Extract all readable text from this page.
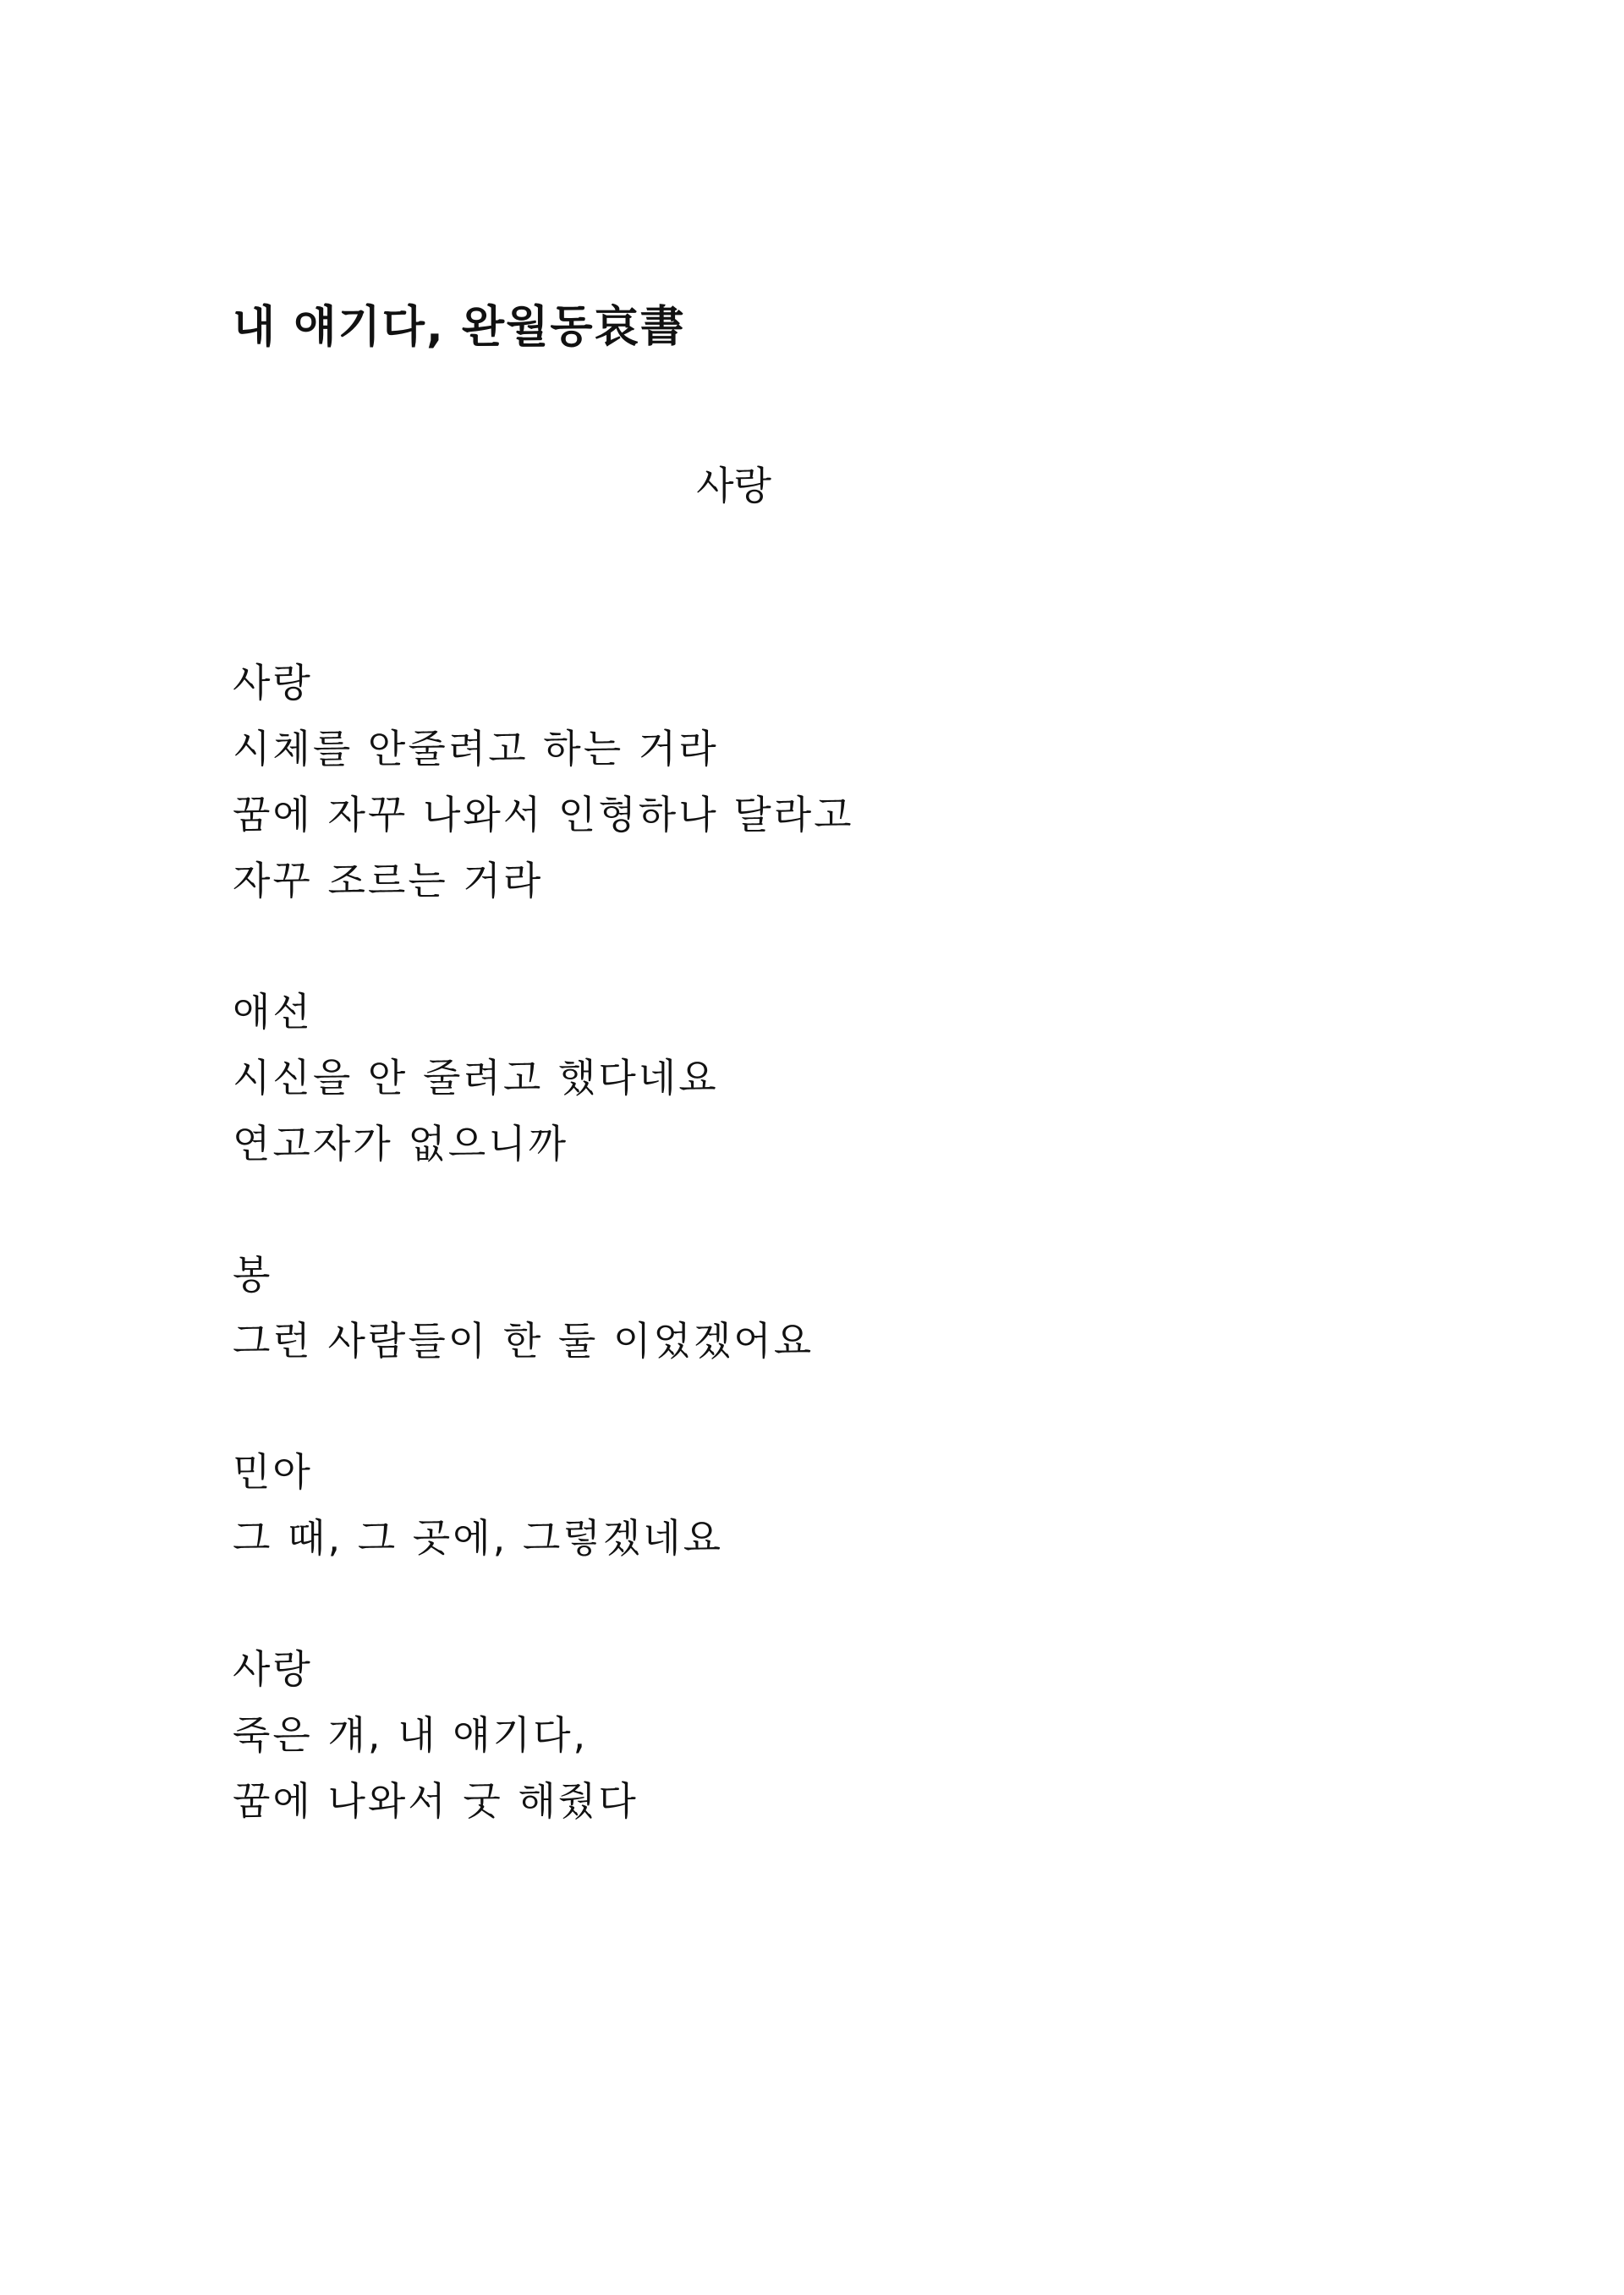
내 얘기다, 완월동哀書
사랑
사랑
시체를 안줄려고 하는 거라
꿈에 자꾸 나와서 인형하나 달라고
자꾸 조르는 거라
애선
시신을 안 줄려고 했다네요
연고자가 없으니까
봉
그런 사람들이 한 둘 이었겠어요
민아
그 때, 그 곳에, 그렇겠네요
사랑
죽은 걔, 내 얘기다,
꿈에 나와서 굿 해줬다
